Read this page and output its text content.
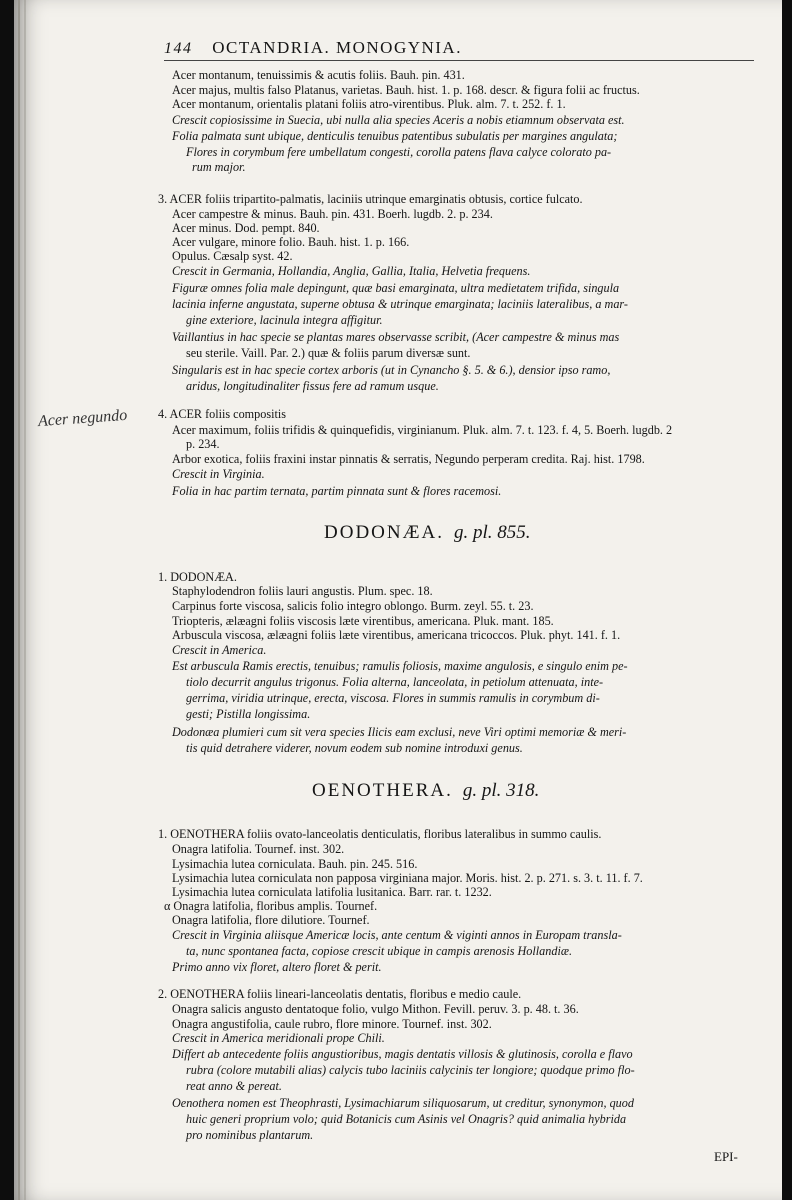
144 OCTANDRIA. MONOGYNIA.
Acer negundo
Acer montanum, tenuissimis & acutis foliis. Bauh. pin. 431.
Acer majus, multis falso Platanus, varietas. Bauh. hist. 1. p. 168. descr. & figura folii ac fructus.
Acer montanum, orientalis platani foliis atro-virentibus. Pluk. alm. 7. t. 252. f. 1.
Crescit copiosissime in Suecia, ubi nulla alia species Aceris a nobis etiamnum observata est.
Folia palmata sunt ubique, denticulis tenuibus patentibus subulatis per margines angulata;
Flores in corymbum fere umbellatum congesti, corolla patens flava calyce colorato pa-
rum major.
3. ACER foliis tripartito-palmatis, laciniis utrinque emarginatis obtusis, cortice fulcato.
Acer campestre & minus. Bauh. pin. 431. Boerh. lugdb. 2. p. 234.
Acer minus. Dod. pempt. 840.
Acer vulgare, minore folio. Bauh. hist. 1. p. 166.
Opulus. Cæsalp syst. 42.
Crescit in Germania, Hollandia, Anglia, Gallia, Italia, Helvetia frequens.
Figuræ omnes folia male depingunt, quæ basi emarginata, ultra medietatem trifida, singula
lacinia inferne angustata, superne obtusa & utrinque emarginata; laciniis lateralibus, a mar-
gine exteriore, lacinula integra affigitur.
Vaillantius in hac specie se plantas mares observasse scribit, (Acer campestre & minus mas
seu sterile. Vaill. Par. 2.) quæ & foliis parum diversæ sunt.
Singularis est in hac specie cortex arboris (ut in Cynancho §. 5. & 6.), densior ipso ramo,
aridus, longitudinaliter fissus fere ad ramum usque.
4. ACER foliis compositis
Acer maximum, foliis trifidis & quinquefidis, virginianum. Pluk. alm. 7. t. 123. f. 4, 5. Boerh. lugdb. 2
p. 234.
Arbor exotica, foliis fraxini instar pinnatis & serratis, Negundo perperam credita. Raj. hist. 1798.
Crescit in Virginia.
Folia in hac partim ternata, partim pinnata sunt & flores racemosi.
DODONÆA. g. pl. 855.
1. DODONÆA.
Staphylodendron foliis lauri angustis. Plum. spec. 18.
Carpinus forte viscosa, salicis folio integro oblongo. Burm. zeyl. 55. t. 23.
Triopteris, ælæagni foliis viscosis læte virentibus, americana. Pluk. mant. 185.
Arbuscula viscosa, ælæagni foliis læte virentibus, americana tricoccos. Pluk. phyt. 141. f. 1.
Crescit in America.
Est arbuscula Ramis erectis, tenuibus; ramulis foliosis, maxime angulosis, e singulo enim pe-
tiolo decurrit angulus trigonus. Folia alterna, lanceolata, in petiolum attenuata, inte-
gerrima, viridia utrinque, erecta, viscosa. Flores in summis ramulis in corymbum di-
gesti; Pistilla longissima.
Dodonæa plumieri cum sit vera species Ilicis eam exclusi, neve Viri optimi memoriæ & meri-
tis quid detrahere viderer, novum eodem sub nomine introduxi genus.
OENOTHERA. g. pl. 318.
1. OENOTHERA foliis ovato-lanceolatis denticulatis, floribus lateralibus in summo caulis.
Onagra latifolia. Tournef. inst. 302.
Lysimachia lutea corniculata. Bauh. pin. 245. 516.
Lysimachia lutea corniculata non papposa virginiana major. Moris. hist. 2. p. 271. s. 3. t. 11. f. 7.
Lysimachia lutea corniculata latifolia lusitanica. Barr. rar. t. 1232.
α Onagra latifolia, floribus amplis. Tournef.
Onagra latifolia, flore dilutiore. Tournef.
Crescit in Virginia aliisque Americæ locis, ante centum & viginti annos in Europam transla-
ta, nunc spontanea facta, copiose crescit ubique in campis arenosis Hollandiæ.
Primo anno vix floret, altero floret & perit.
2. OENOTHERA foliis lineari-lanceolatis dentatis, floribus e medio caule.
Onagra salicis angusto dentatoque folio, vulgo Mithon. Fevill. peruv. 3. p. 48. t. 36.
Onagra angustifolia, caule rubro, flore minore. Tournef. inst. 302.
Crescit in America meridionali prope Chili.
Differt ab antecedente foliis angustioribus, magis dentatis villosis & glutinosis, corolla e flavo
rubra (colore mutabili alias) calycis tubo laciniis calycinis ter longiore; quodque primo flo-
reat anno & pereat.
Oenothera nomen est Theophrasti, Lysimachiarum siliquosarum, ut creditur, synonymon, quod
huic generi proprium volo; quid Botanicis cum Asinis vel Onagris? quid animalia hybrida
pro nominibus plantarum.
EPI-
